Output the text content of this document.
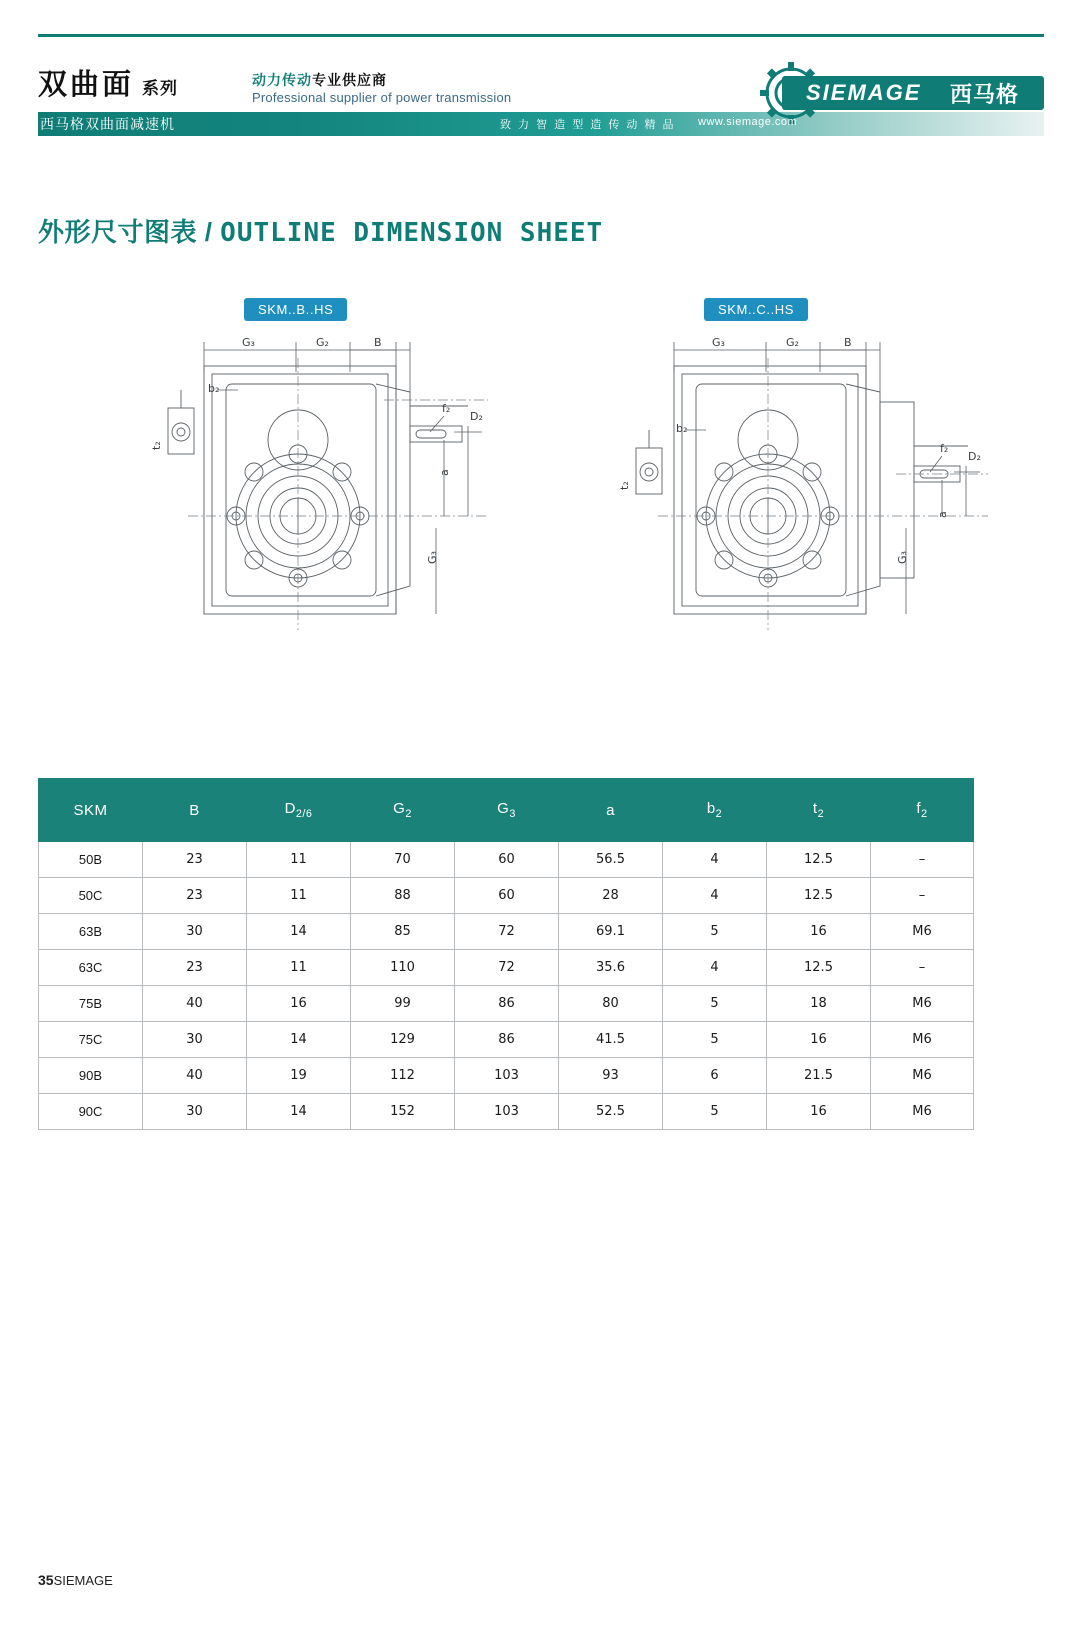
双曲面 系列
西马格双曲面减速机
动力传动专业供应商
Professional supplier of power transmission
致 力 智 造 型 造 传 动 精 品 www.siemage.com
SIEMAGE 西马格
外形尺寸图表 / OUTLINE DIMENSION SHEET
SKM..B..HS
G₃	G₂	B
b₂
t₂
f₂
D₂
a
G₃
SKM..C..HS
G₃	G₂	B
b₂
t₂
f₂
D₂
a
G₃
SKM	B	$D_{2/6}$	$G_2$	$G_3$	a	$b_2$	$t_2$	$f_2$
50B	23	11	70	60	56.5	4	12.5	–
50C	23	11	88	60	28	4	12.5	–
63B	30	14	85	72	69.1	5	16	M6
63C	23	11	110	72	35.6	4	12.5	–
75B	40	16	99	86	80	5	18	M6
75C	30	14	129	86	41.5	5	16	M6
90B	40	19	112	103	93	6	21.5	M6
90C	30	14	152	103	52.5	5	16	M6
35SIEMAGE
